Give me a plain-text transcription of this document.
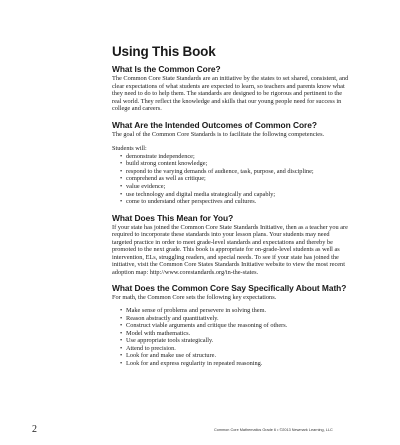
Using This Book
What Is the Common Core?

The Common Core State Standards are an initiative by the states to set shared, consistent, and clear expectations of what students are expected to learn, so teachers and parents know what they need to do to help them. The standards are designed to be rigorous and pertinent to the real world. They reflect the knowledge and skills that our young people need for success in college and careers.

What Are the Intended Outcomes of Common Core?

The goal of the Common Core Standards is to facilitate the following competencies.

Students will:

• demonstrate independence;
• build strong content knowledge;
• respond to the varying demands of audience, task, purpose, and discipline;
• comprehend as well as critique;
• value evidence;
• use technology and digital media strategically and capably;
• come to understand other perspectives and cultures.
What Does This Mean for You?

If your state has joined the Common Core State Standards Initiative, then as a teacher you are required to incorporate these standards into your lesson plans. Your students may need targeted practice in order to meet grade-level standards and expectations and thereby be promoted to the next grade. This book is appropriate for on-grade-level students as well as intervention, ELs, struggling readers, and special needs. To see if your state has joined the initiative, visit the Common Core States Standards Initiative website to view the most recent adoption map: http://www.corestandards.org/in-the-states.

What Does the Common Core Say Specifically About Math?

For math, the Common Core sets the following key expectations.

• Make sense of problems and persevere in solving them.
• Reason abstractly and quantitatively.
• Construct viable arguments and critique the reasoning of others.
• Model with mathematics.
• Use appropriate tools strategically.
• Attend to precision.
• Look for and make use of structure.
• Look for and express regularity in repeated reasoning.
2	Common Core Mathematics Grade 6 • ©2013 Newmark Learning, LLC
